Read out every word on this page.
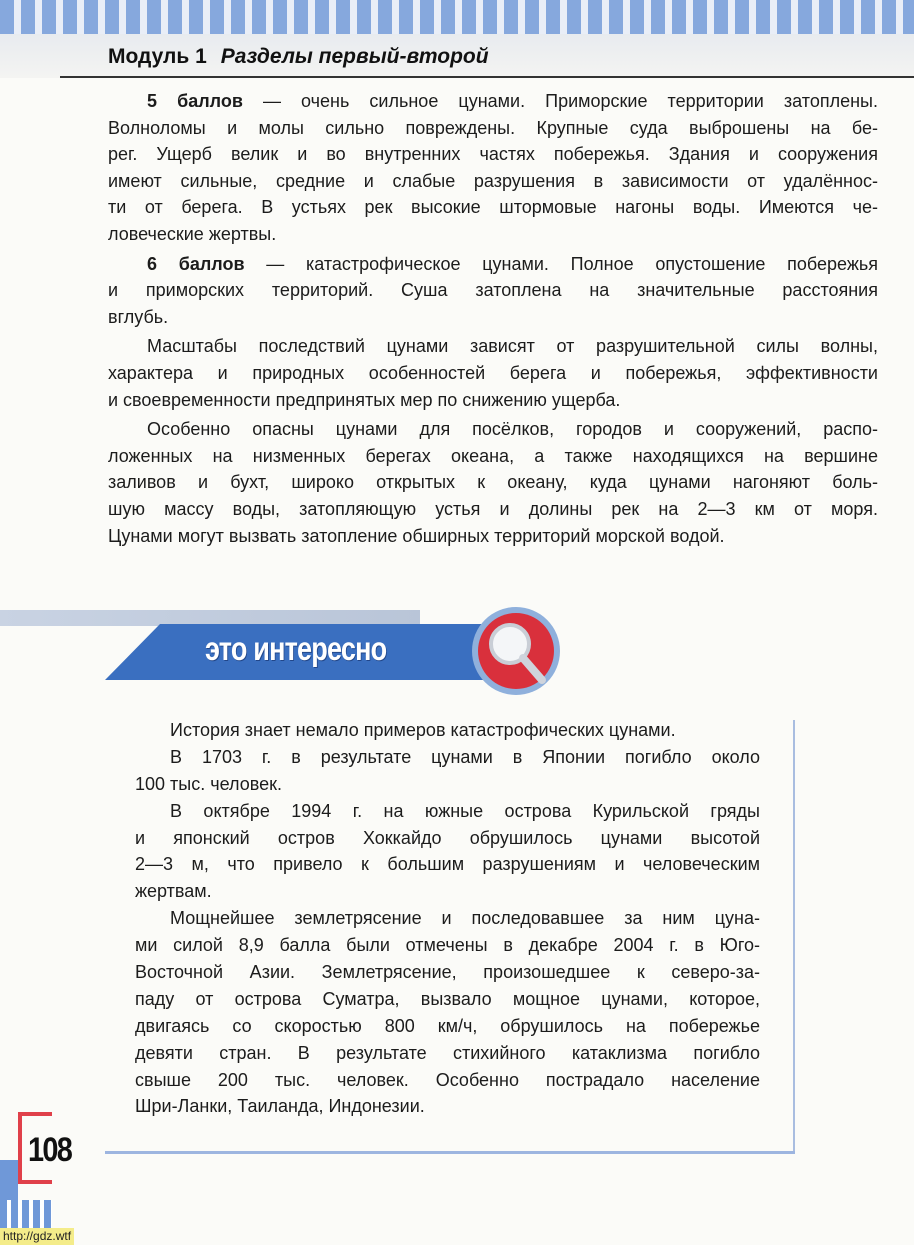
Модуль 1 Разделы первый-второй
5 баллов — очень сильное цунами. Приморские территории затоплены.
Волноломы и молы сильно повреждены. Крупные суда выброшены на бе-
рег. Ущерб велик и во внутренних частях побережья. Здания и сооружения
имеют сильные, средние и слабые разрушения в зависимости от удалённос-
ти от берега. В устьях рек высокие штормовые нагоны воды. Имеются че-
ловеческие жертвы.
6 баллов — катастрофическое цунами. Полное опустошение побережья
и приморских территорий. Суша затоплена на значительные расстояния
вглубь.
Масштабы последствий цунами зависят от разрушительной силы волны,
характера и природных особенностей берега и побережья, эффективности
и своевременности предпринятых мер по снижению ущерба.
Особенно опасны цунами для посёлков, городов и сооружений, распо-
ложенных на низменных берегах океана, а также находящихся на вершине
заливов и бухт, широко открытых к океану, куда цунами нагоняют боль-
шую массу воды, затопляющую устья и долины рек на 2—3 км от моря.
Цунами могут вызвать затопление обширных территорий морской водой.
это интересно
История знает немало примеров катастрофических цунами.
В 1703 г. в результате цунами в Японии погибло около
100 тыс. человек.
В октябре 1994 г. на южные острова Курильской гряды
и японский остров Хоккайдо обрушилось цунами высотой
2—3 м, что привело к большим разрушениям и человеческим
жертвам.
Мощнейшее землетрясение и последовавшее за ним цуна-
ми силой 8,9 балла были отмечены в декабре 2004 г. в Юго-
Восточной Азии. Землетрясение, произошедшее к северо-за-
паду от острова Суматра, вызвало мощное цунами, которое,
двигаясь со скоростью 800 км/ч, обрушилось на побережье
девяти стран. В результате стихийного катаклизма погибло
свыше 200 тыс. человек. Особенно пострадало население
Шри-Ланки, Таиланда, Индонезии.
108
http://gdz.wtf
